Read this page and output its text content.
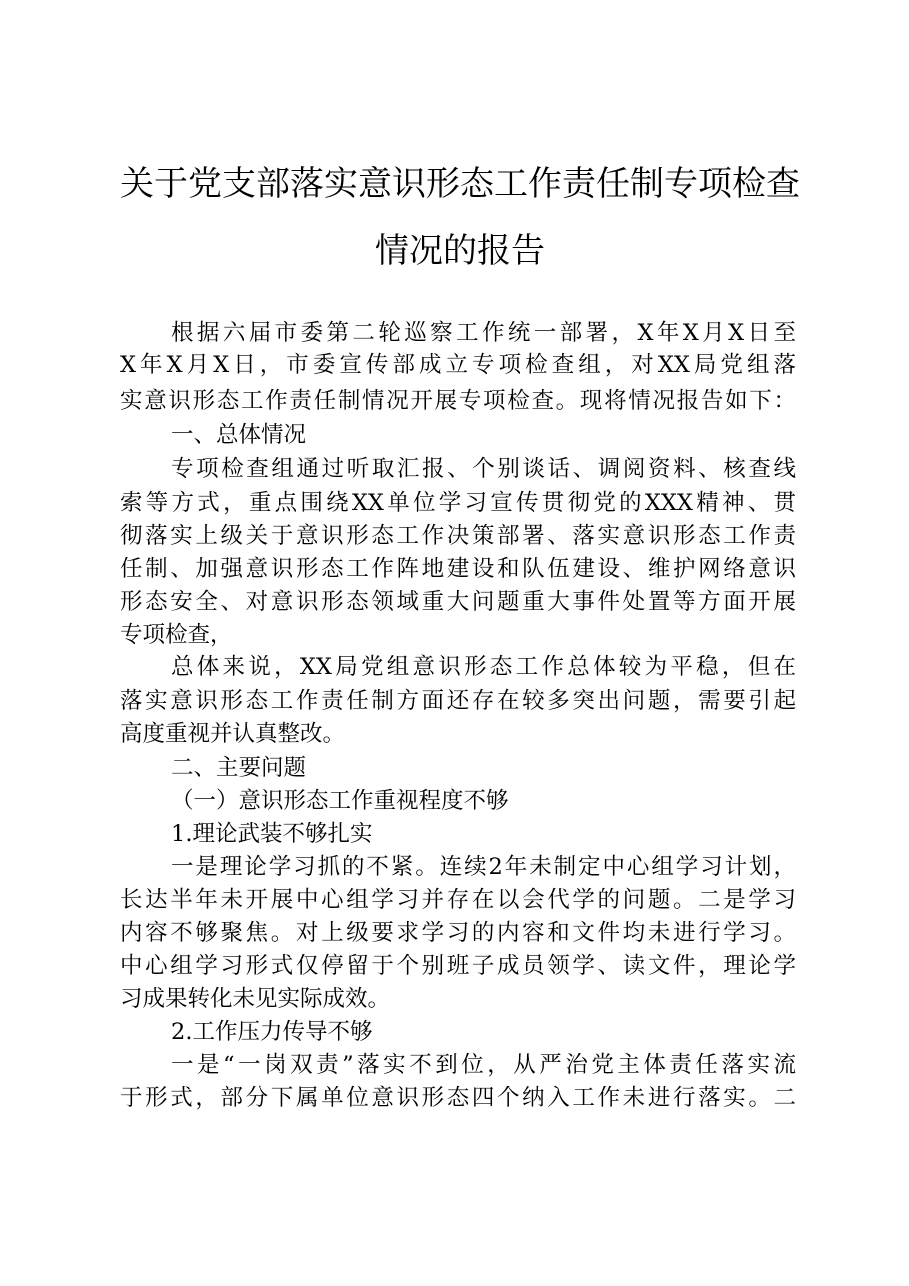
关于党支部落实意识形态工作责任制专项检查
情况的报告
根据六届市委第二轮巡察工作统一部署，X年X月X日至
X年X月X日，市委宣传部成立专项检查组，对XX局党组落
实意识形态工作责任制情况开展专项检查。现将情况报告如下：
一、总体情况
专项检查组通过听取汇报、个别谈话、调阅资料、核查线
索等方式，重点围绕XX单位学习宣传贯彻党的XXX精神、贯
彻落实上级关于意识形态工作决策部署、落实意识形态工作责
任制、加强意识形态工作阵地建设和队伍建设、维护网络意识
形态安全、对意识形态领域重大问题重大事件处置等方面开展
专项检查，
总体来说，XX局党组意识形态工作总体较为平稳，但在
落实意识形态工作责任制方面还存在较多突出问题，需要引起
高度重视并认真整改。
二、主要问题
（一）意识形态工作重视程度不够
1.理论武装不够扎实
一是理论学习抓的不紧。连续2年未制定中心组学习计划，
长达半年未开展中心组学习并存在以会代学的问题。二是学习
内容不够聚焦。对上级要求学习的内容和文件均未进行学习。
中心组学习形式仅停留于个别班子成员领学、读文件，理论学
习成果转化未见实际成效。
2.工作压力传导不够
一是“一岗双责”落实不到位，从严治党主体责任落实流
于形式，部分下属单位意识形态四个纳入工作未进行落实。二
